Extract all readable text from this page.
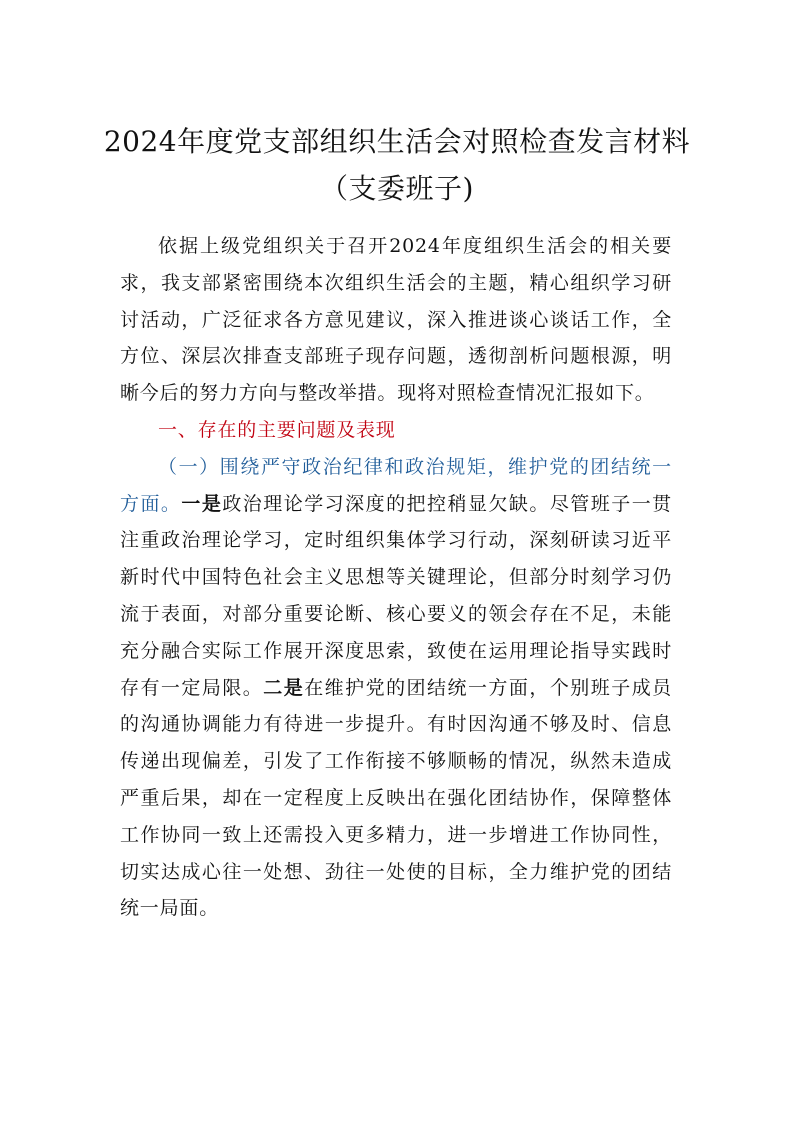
2024年度党支部组织生活会对照检查发言材料（支委班子)

依据上级党组织关于召开2024年度组织生活会的相关要求，我支部紧密围绕本次组织生活会的主题，精心组织学习研讨活动，广泛征求各方意见建议，深入推进谈心谈话工作，全方位、深层次排查支部班子现存问题，透彻剖析问题根源，明晰今后的努力方向与整改举措。现将对照检查情况汇报如下。

一、存在的主要问题及表现

（一）围绕严守政治纪律和政治规矩，维护党的团结统一方面。一是政治理论学习深度的把控稍显欠缺。尽管班子一贯注重政治理论学习，定时组织集体学习行动，深刻研读习近平新时代中国特色社会主义思想等关键理论，但部分时刻学习仍流于表面，对部分重要论断、核心要义的领会存在不足，未能充分融合实际工作展开深度思索，致使在运用理论指导实践时存有一定局限。二是在维护党的团结统一方面，个别班子成员的沟通协调能力有待进一步提升。有时因沟通不够及时、信息传递出现偏差，引发了工作衔接不够顺畅的情况，纵然未造成严重后果，却在一定程度上反映出在强化团结协作，保障整体工作协同一致上还需投入更多精力，进一步增进工作协同性，切实达成心往一处想、劲往一处使的目标，全力维护党的团结统一局面。
